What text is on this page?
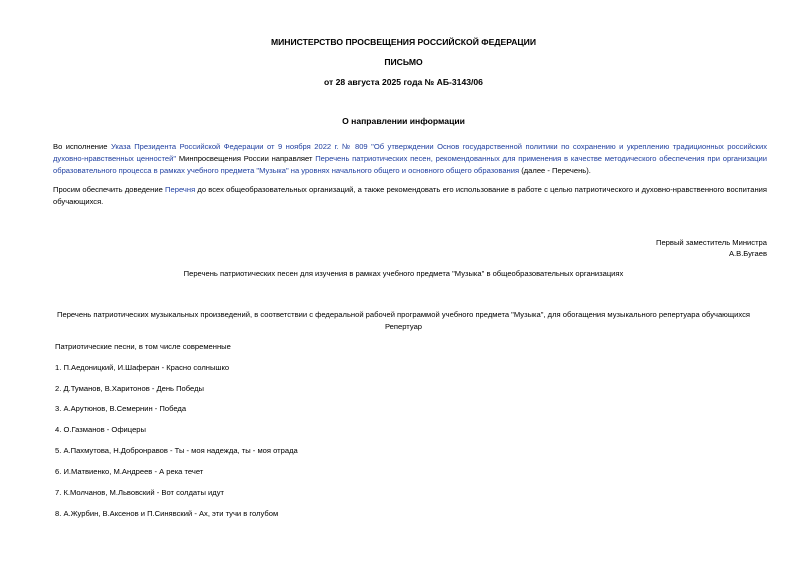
МИНИСТЕРСТВО ПРОСВЕЩЕНИЯ РОССИЙСКОЙ ФЕДЕРАЦИИ
ПИСЬМО
от 28 августа 2025 года № АБ-3143/06
О направлении информации
Во исполнение Указа Президента Российской Федерации от 9 ноября 2022 г. № 809 "Об утверждении Основ государственной политики по сохранению и укреплению традиционных российских духовно-нравственных ценностей" Минпросвещения России направляет Перечень патриотических песен, рекомендованных для применения в качестве методического обеспечения при организации образовательного процесса в рамках учебного предмета "Музыка" на уровнях начального общего и основного общего образования (далее - Перечень).
Просим обеспечить доведение Перечня до всех общеобразовательных организаций, а также рекомендовать его использование в работе с целью патриотического и духовно-нравственного воспитания обучающихся.
Первый заместитель Министра
А.В.Бугаев
Перечень патриотических песен для изучения в рамках учебного предмета "Музыка" в общеобразовательных организациях
Перечень патриотических музыкальных произведений, в соответствии с федеральной рабочей программой учебного предмета "Музыка", для обогащения музыкального репертуара обучающихся
Репертуар
Патриотические песни, в том числе современные
1. П.Аедоницкий, И.Шаферан - Красно солнышко
2. Д.Туманов, В.Харитонов - День Победы
3. А.Арутюнов, В.Семернин - Победа
4. О.Газманов - Офицеры
5. А.Пахмутова, Н.Добронравов - Ты - моя надежда, ты - моя отрада
6. И.Матвиенко, М.Андреев - А река течет
7. К.Молчанов, М.Львовский - Вот солдаты идут
8. А.Журбин, В.Аксенов и П.Синявский - Ах, эти тучи в голубом
